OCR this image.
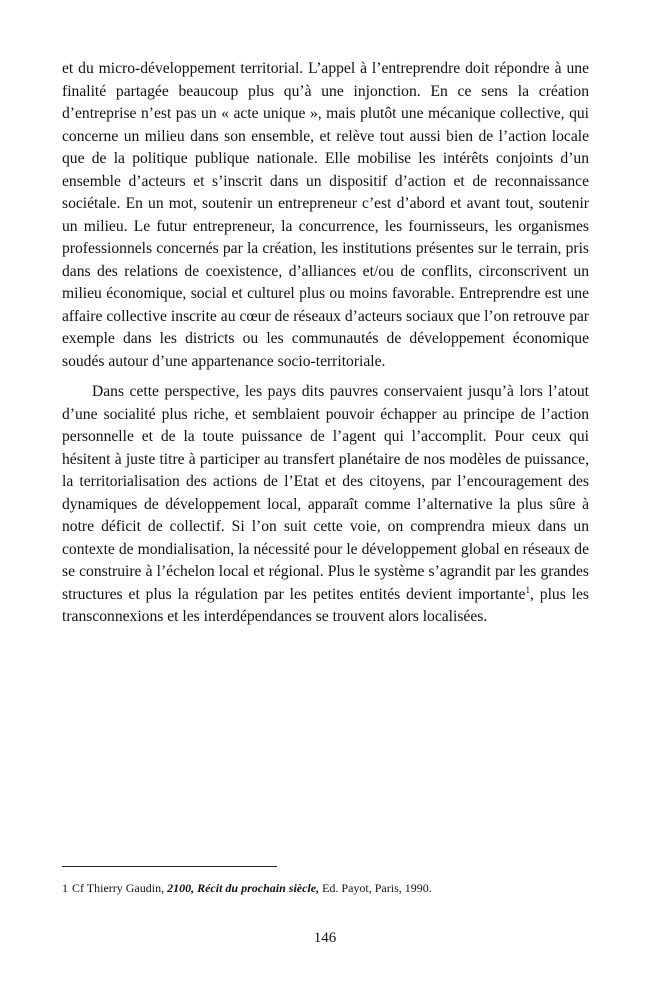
et du micro-développement territorial. L’appel à l’entreprendre doit répondre à une finalité partagée beaucoup plus qu’à une injonction. En ce sens la création d’entreprise n’est pas un « acte unique », mais plutôt une mécanique collective, qui concerne un milieu dans son ensemble, et relève tout aussi bien de l’action locale que de la politique publique nationale. Elle mobilise les intérêts conjoints d’un ensemble d’acteurs et s’inscrit dans un dispositif d’action et de reconnaissance sociétale. En un mot, soutenir un entrepreneur c’est d’abord et avant tout, soutenir un milieu. Le futur entrepreneur, la concurrence, les fournisseurs, les organismes professionnels concernés par la création, les institutions présentes sur le terrain, pris dans des relations de coexistence, d’alliances et/ou de conflits, circonscrivent un milieu économique, social et culturel plus ou moins favorable. Entreprendre est une affaire collective inscrite au cœur de réseaux d’acteurs sociaux que l’on retrouve par exemple dans les districts ou les communautés de développement économique soudés autour d’une appartenance socio-territoriale.

Dans cette perspective, les pays dits pauvres conservaient jusqu’à lors l’atout d’une socialité plus riche, et semblaient pouvoir échapper au principe de l’action personnelle et de la toute puissance de l’agent qui l’accomplit. Pour ceux qui hésitent à juste titre à participer au transfert planétaire de nos modèles de puissance, la territorialisation des actions de l’Etat et des citoyens, par l’encouragement des dynamiques de développement local, apparaît comme l’alternative la plus sûre à notre déficit de collectif. Si l’on suit cette voie, on comprendra mieux dans un contexte de mondialisation, la nécessité pour le développement global en réseaux de se construire à l’échelon local et régional. Plus le système s’agrandit par les grandes structures et plus la régulation par les petites entités devient importante$^1$, plus les transconnexions et les interdépendances se trouvent alors localisées.

1 Cf Thierry Gaudin, 2100, Récit du prochain siècle, Ed. Payot, Paris, 1990.

146
